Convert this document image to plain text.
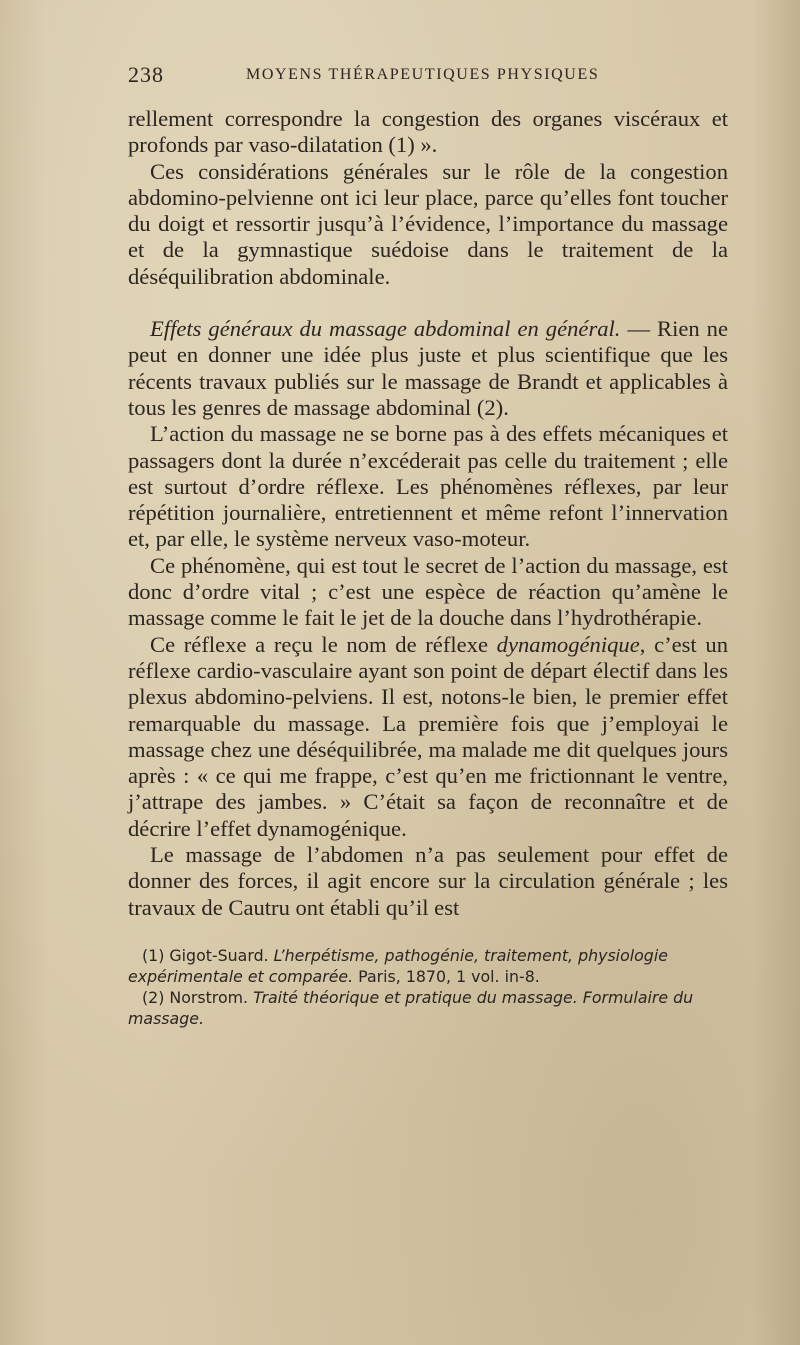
238	MOYENS THÉRAPEUTIQUES PHYSIQUES

rellement correspondre la congestion des organes viscéraux et profonds par vaso-dilatation (1) ».

Ces considérations générales sur le rôle de la congestion abdomino-pelvienne ont ici leur place, parce qu’elles font toucher du doigt et ressortir jusqu’à l’évidence, l’importance du massage et de la gymnastique suédoise dans le traitement de la déséquilibration abdominale.

Effets généraux du massage abdominal en général. — Rien ne peut en donner une idée plus juste et plus scientifique que les récents travaux publiés sur le massage de Brandt et applicables à tous les genres de massage abdominal (2).

L’action du massage ne se borne pas à des effets mécaniques et passagers dont la durée n’excéderait pas celle du traitement ; elle est surtout d’ordre réflexe. Les phénomènes réflexes, par leur répétition journalière, entretiennent et même refont l’innervation et, par elle, le système nerveux vaso-moteur.

Ce phénomène, qui est tout le secret de l’action du massage, est donc d’ordre vital ; c’est une espèce de réaction qu’amène le massage comme le fait le jet de la douche dans l’hydrothérapie.

Ce réflexe a reçu le nom de réflexe dynamogénique, c’est un réflexe cardio-vasculaire ayant son point de départ électif dans les plexus abdomino-pelviens. Il est, notons-le bien, le premier effet remarquable du massage. La première fois que j’employai le massage chez une déséquilibrée, ma malade me dit quelques jours après : « ce qui me frappe, c’est qu’en me frictionnant le ventre, j’attrape des jambes. » C’était sa façon de reconnaître et de décrire l’effet dynamogénique.

Le massage de l’abdomen n’a pas seulement pour effet de donner des forces, il agit encore sur la circulation générale ; les travaux de Cautru ont établi qu’il est

(1) Gigot-Suard. L’herpétisme, pathogénie, traitement, physiologie expérimentale et comparée. Paris, 1870, 1 vol. in-8.

(2) Norstrom. Traité théorique et pratique du massage. Formulaire du massage.
